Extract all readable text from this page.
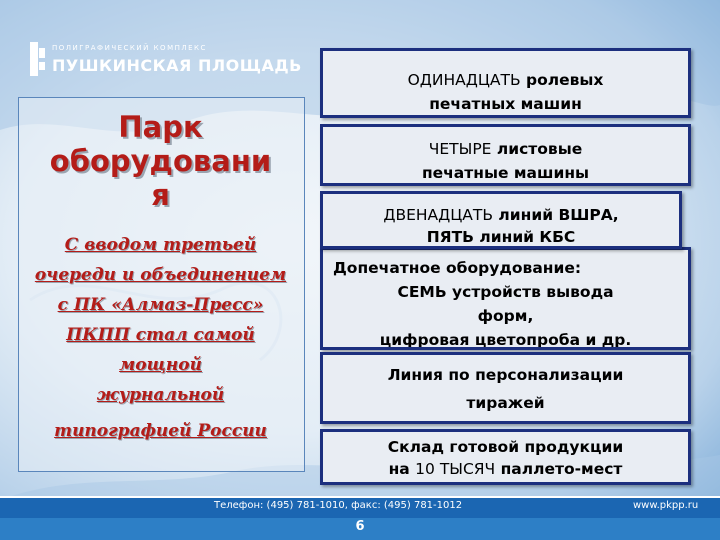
ПОЛИГРАФИЧЕСКИЙ КОМПЛЕКС
ПУШКИНСКАЯ ПЛОЩАДЬ
Парк
оборудовани
я
С вводом третьей
очереди и объединением
с ПК «Алмаз-Пресс»
ПКПП стал самой
мощной
журнальной
типографией России
ОДИНАДЦАТЬ ролевых
печатных машин
ЧЕТЫРЕ листовые
печатные машины
Допечатное оборудование:
СЕМЬ устройств вывода
форм,
цифровая цветопроба и др.
ДВЕНАДЦАТЬ линий ВШРА,
ПЯТЬ линий КБС
Линия по персонализации
тиражей
Склад готовой продукции
на 10 ТЫСЯЧ паллето-мест
Телефон: (495) 781-1010, факс: (495) 781-1012	www.pkpp.ru
6
